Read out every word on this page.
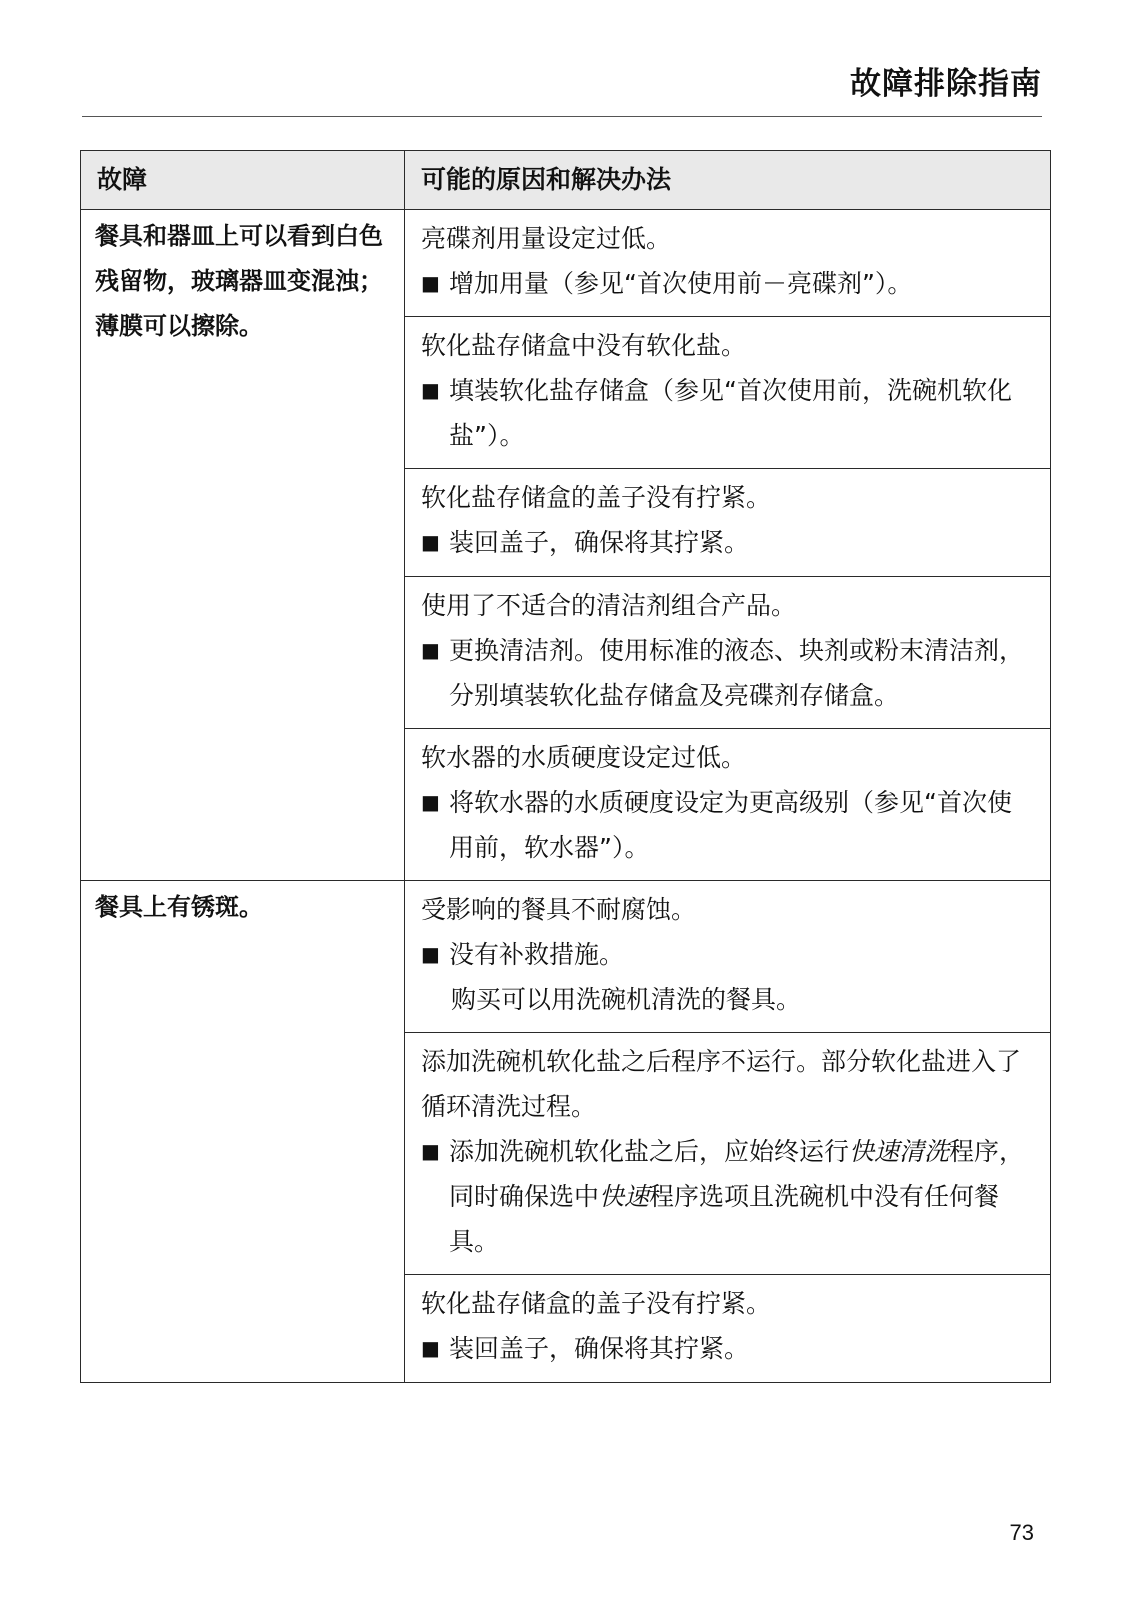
故障排除指南
故障	可能的原因和解决办法
餐具和器皿上可以看到白色残留物，玻璃器皿变混浊；薄膜可以擦除。	亮碟剂用量设定过低。

■ 增加用量（参见“首次使用前－亮碟剂”）。

	软化盐存储盒中没有软化盐。

■ 填装软化盐存储盒（参见“首次使用前，洗碗机软化盐”）。

	软化盐存储盒的盖子没有拧紧。

■ 装回盖子，确保将其拧紧。

	使用了不适合的清洁剂组合产品。

■ 更换清洁剂。使用标准的液态、块剂或粉末清洁剂，分别填装软化盐存储盒及亮碟剂存储盒。

	软水器的水质硬度设定过低。

■ 将软水器的水质硬度设定为更高级别（参见“首次使用前，软水器”）。

餐具上有锈斑。	受影响的餐具不耐腐蚀。

■ 没有补救措施。

购买可以用洗碗机清洗的餐具。

	添加洗碗机软化盐之后程序不运行。部分软化盐进入了循环清洗过程。

■ 添加洗碗机软化盐之后，应始终运行快速清洗程序，同时确保选中快速程序选项且洗碗机中没有任何餐具。

	软化盐存储盒的盖子没有拧紧。

■ 装回盖子，确保将其拧紧。
73
